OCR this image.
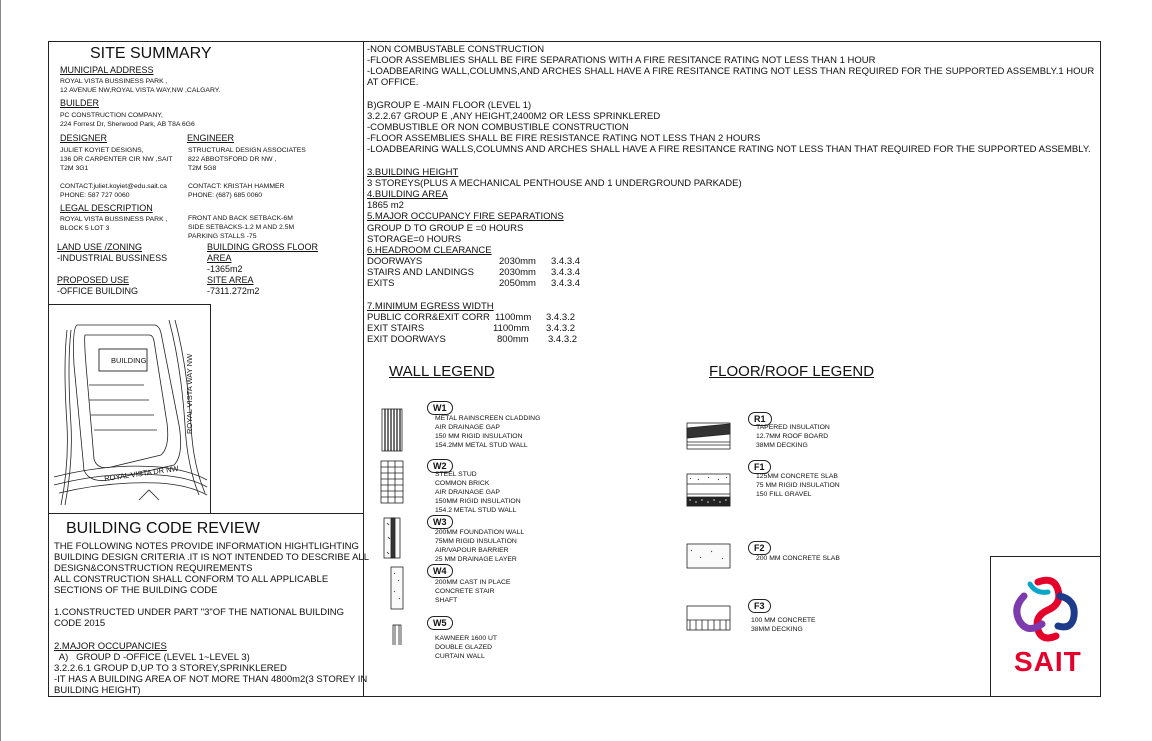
SITE SUMMARY
MUNICIPAL ADDRESS
ROYAL VISTA BUSSINESS PARK ,
12 AVENUE NW,ROYAL VISTA WAY,NW ,CALGARY.
BUILDER
PC CONSTRUCTION COMPANY,
224 Forrest Dr, Sherwood Park, AB T8A 6G6
DESIGNER
JULIET KOYIET DESIGNS,
136 DR CARPENTER CIR NW ,SAIT
T2M 3G1
CONTACT:juliet.koyiet@edu.sait.ca
PHONE: 587 727 0060
ENGINEER
STRUCTURAL DESIGN ASSOCIATES
822 ABBOTSFORD DR NW ,
T2M 5G8
CONTACT: KRISTAH HAMMER
PHONE: (687) 685 0060
LEGAL DESCRIPTION
ROYAL VISTA BUSSINESS PARK ,
BLOCK 5 LOT 3
FRONT AND BACK SETBACK-6M
SIDE SETBACKS-1.2 M AND 2.5M
PARKING STALLS -75
LAND USE /ZONING
-INDUSTRIAL BUSSINESS
BUILDING GROSS FLOOR
AREA
-1365m2
PROPOSED USE
-OFFICE BUILDING
SITE AREA
-7311.272m2
BUILDING	ROYAL VISTA WAY NW
ROYAL VISTA DR NW
BUILDING CODE REVIEW
THE FOLLOWING NOTES PROVIDE INFORMATION HIGHTLIGHTING
BUILDING DESIGN CRITERIA .IT IS NOT INTENDED TO DESCRIBE ALL
DESIGN&CONSTRUCTION REQUIREMENTS
ALL CONSTRUCTION SHALL CONFORM TO ALL APPLICABLE
SECTIONS OF THE BUILDING CODE
1.CONSTRUCTED UNDER PART "3"OF THE NATIONAL BUILDING
CODE 2015
2.MAJOR OCCUPANCIES
A)   GROUP D -OFFICE (LEVEL 1~LEVEL 3)
3.2.2.6.1 GROUP D,UP TO 3 STOREY,SPRINKLERED
-IT HAS A BUILDING AREA OF NOT MORE THAN 4800m2(3 STOREY IN
BUILDING HEIGHT)
-NON COMBUSTABLE CONSTRUCTION
-FLOOR ASSEMBLIES SHALL BE FIRE SEPARATIONS WITH A FIRE RESITANCE RATING NOT LESS THAN 1 HOUR
-LOADBEARING WALL,COLUMNS,AND ARCHES SHALL HAVE A FIRE RESITANCE RATING NOT LESS THAN REQUIRED FOR THE SUPPORTED ASSEMBLY.1 HOUR
AT OFFICE.
B)GROUP E -MAIN FLOOR (LEVEL 1)
3.2.2.67 GROUP E ,ANY HEIGHT,2400M2 OR LESS SPRINKLERED
-COMBUSTIBLE OR NON COMBUSTIBLE CONSTRUCTION
-FLOOR ASSEMBLIES SHALL BE FIRE RESISTANCE RATING NOT LESS THAN 2 HOURS
-LOADBEARING WALLS,COLUMNS AND ARCHES SHALL HAVE A FIRE RESITANCE RATING NOT LESS THAN THAT REQUIRED FOR THE SUPPORTED ASSEMBLY.
3.BUILDING HEIGHT
3 STOREYS(PLUS A MECHANICAL PENTHOUSE AND 1 UNDERGROUND PARKADE)
4.BUILDING AREA
1865 m2
5.MAJOR OCCUPANCY FIRE SEPARATIONS
GROUP D TO GROUP E =0 HOURS
STORAGE=0 HOURS
6.HEADROOM CLEARANCE
DOORWAYS	2030mm 3.4.3.4
STAIRS AND LANDINGS	2030mm 3.4.3.4
EXITS	2050mm 3.4.3.4
7.MINIMUM EGRESS WIDTH
PUBLIC CORR&EXIT CORR 1100mm 3.4.3.2
EXIT STAIRS	1100mm 3.4.3.2
EXIT DOORWAYS	800mm 3.4.3.2
WALL LEGEND
W1
METAL RAINSCREEN CLADDING
AIR DRAINAGE GAP
150 MM RIGID INSULATION
154.2MM METAL STUD WALL
W2
STEEL STUD
COMMON BRICK
AIR DRAINAGE GAP
150MM RIGID INSULATION
154.2 METAL STUD WALL
W3
200MM FOUNDATION WALL
75MM RIGID INSULATION
AIR/VAPOUR BARRIER
25 MM DRAINAGE LAYER
W4
200MM CAST IN PLACE
CONCRETE STAIR
SHAFT
W5
KAWNEER 1600 UT
DOUBLE GLAZED
CURTAIN WALL
FLOOR/ROOF LEGEND
R1
TAPERED INSULATION
12.7MM ROOF BOARD
38MM DECKING
F1
125MM CONCRETE SLAB
75 MM RIGID INSULATION
150 FILL GRAVEL
F2
200 MM CONCRETE SLAB
F3
100 MM CONCRETE
38MM DECKING
SAIT
